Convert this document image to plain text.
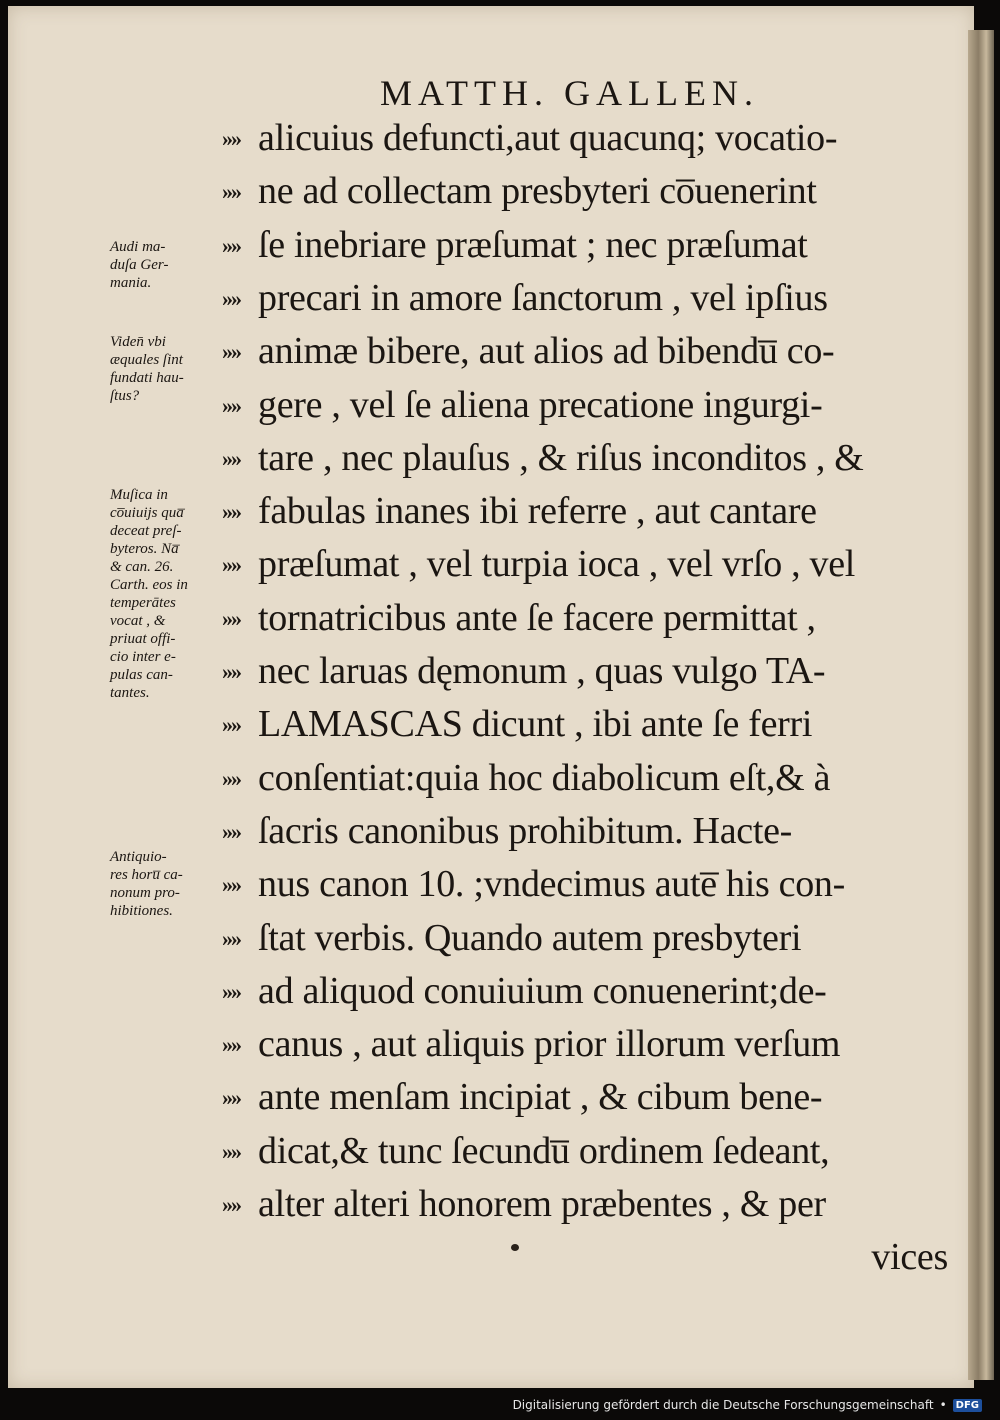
MATTH. GALLEN.
»» alicuius defuncti,aut quacunq; vocatio-
»» ne ad collectam presbyteri co̅uenerint
»» ſe inebriare præſumat ; nec præſumat
»» precari in amore ſanctorum , vel ipſius
»» animæ bibere, aut alios ad bibendu̅ co-
»» gere , vel ſe aliena precatione ingurgi-
»» tare , nec plauſus , & riſus inconditos , &
»» fabulas inanes ibi referre , aut cantare
»» præſumat , vel turpia ioca , vel vrſo , vel
»» tornatricibus ante ſe facere permittat ,
»» nec laruas dęmonum , quas vulgo TA-
»» LAMASCAS dicunt , ibi ante ſe ferri
»» conſentiat:quia hoc diabolicum eſt,& à
»» ſacris canonibus prohibitum. Hacte-
»» nus canon 10. ;vndecimus aute̅ his con-
»» ſtat verbis. Quando autem presbyteri
»» ad aliquod conuiuium conuenerint;de-
»» canus , aut aliquis prior illorum verſum
»» ante menſam incipiat , & cibum bene-
»» dicat,& tunc ſecundu̅ ordinem ſedeant,
»» alter alteri honorem præbentes , & per
vices
Audi ma-
duſa Ger-
mania.
Viden̄ vbi
æquales ſint
fundati hau-
ſtus?
Muſica in
co̅uiuijs qua̅
deceat preſ-
byteros. Na̅
& can. 26.
Carth. eos in
temperātes
vocat , &
priuat offi-
cio inter e-
pulas can-
tantes.
Antiquio-
res horu̅ ca-
nonum pro-
hibitiones.
Digitalisierung gefördert durch die Deutsche Forschungsgemeinschaft • DFG
